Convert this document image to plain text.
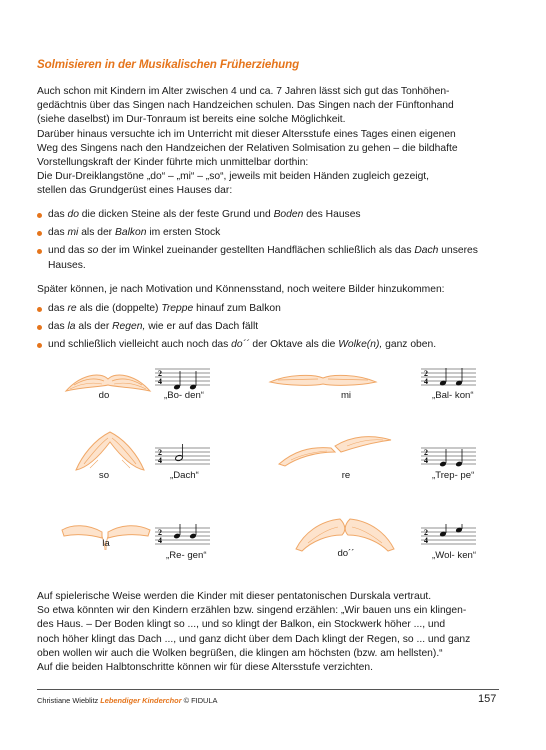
Solmisieren in der Musikalischen Früherziehung

Auch schon mit Kindern im Alter zwischen 4 und ca. 7 Jahren lässt sich gut das Tonhöhen-

gedächtnis über das Singen nach Handzeichen schulen. Das Singen nach der Fünftonhand

(siehe daselbst) im Dur-Tonraum ist bereits eine solche Möglichkeit.

Darüber hinaus versuchte ich im Unterricht mit dieser Altersstufe eines Tages einen eigenen

Weg des Singens nach den Handzeichen der Relativen Solmisation zu gehen – die bildhafte

Vorstellungskraft der Kinder führte mich unmittelbar dorthin:

Die Dur-Dreiklangstöne „do“ – „mi“ – „so“, jeweils mit beiden Händen zugleich gezeigt,

stellen das Grundgerüst eines Hauses dar:

das do die dicken Steine als der feste Grund und Boden des Hauses
das mi als der Balkon im ersten Stock
und das so der im Winkel zueinander gestellten Handflächen schließlich als das Dach unseres Hauses.
Später können, je nach Motivation und Könnensstand, noch weitere Bilder hinzukommen:
das re als die (doppelte) Treppe hinauf zum Balkon
das la als der Regen, wie er auf das Dach fällt
und schließlich vielleicht auch noch das do´´ der Oktave als die Wolke(n), ganz oben.
do
2
4
„Bo- den“	mi
2
4
„Bal- kon“
so
2
4
„Dach“	re
2
4
„Trep- pe“
la
2
4
„Re- gen“	do´´
2
4
„Wol- ken“

Auf spielerische Weise werden die Kinder mit dieser pentatonischen Durskala vertraut.

So etwa könnten wir den Kindern erzählen bzw. singend erzählen: „Wir bauen uns ein klingen-

des Haus. – Der Boden klingt so ..., und so klingt der Balkon, ein Stockwerk höher ..., und

noch höher klingt das Dach ..., und ganz dicht über dem Dach klingt der Regen, so ... und ganz

oben wollen wir auch die Wolken begrüßen, die klingen am höchsten (bzw. am hellsten).“

Auf die beiden Halbtonschritte können wir für diese Altersstufe verzichten.

Christiane Wieblitz Lebendiger Kinderchor © FIDULA	157
